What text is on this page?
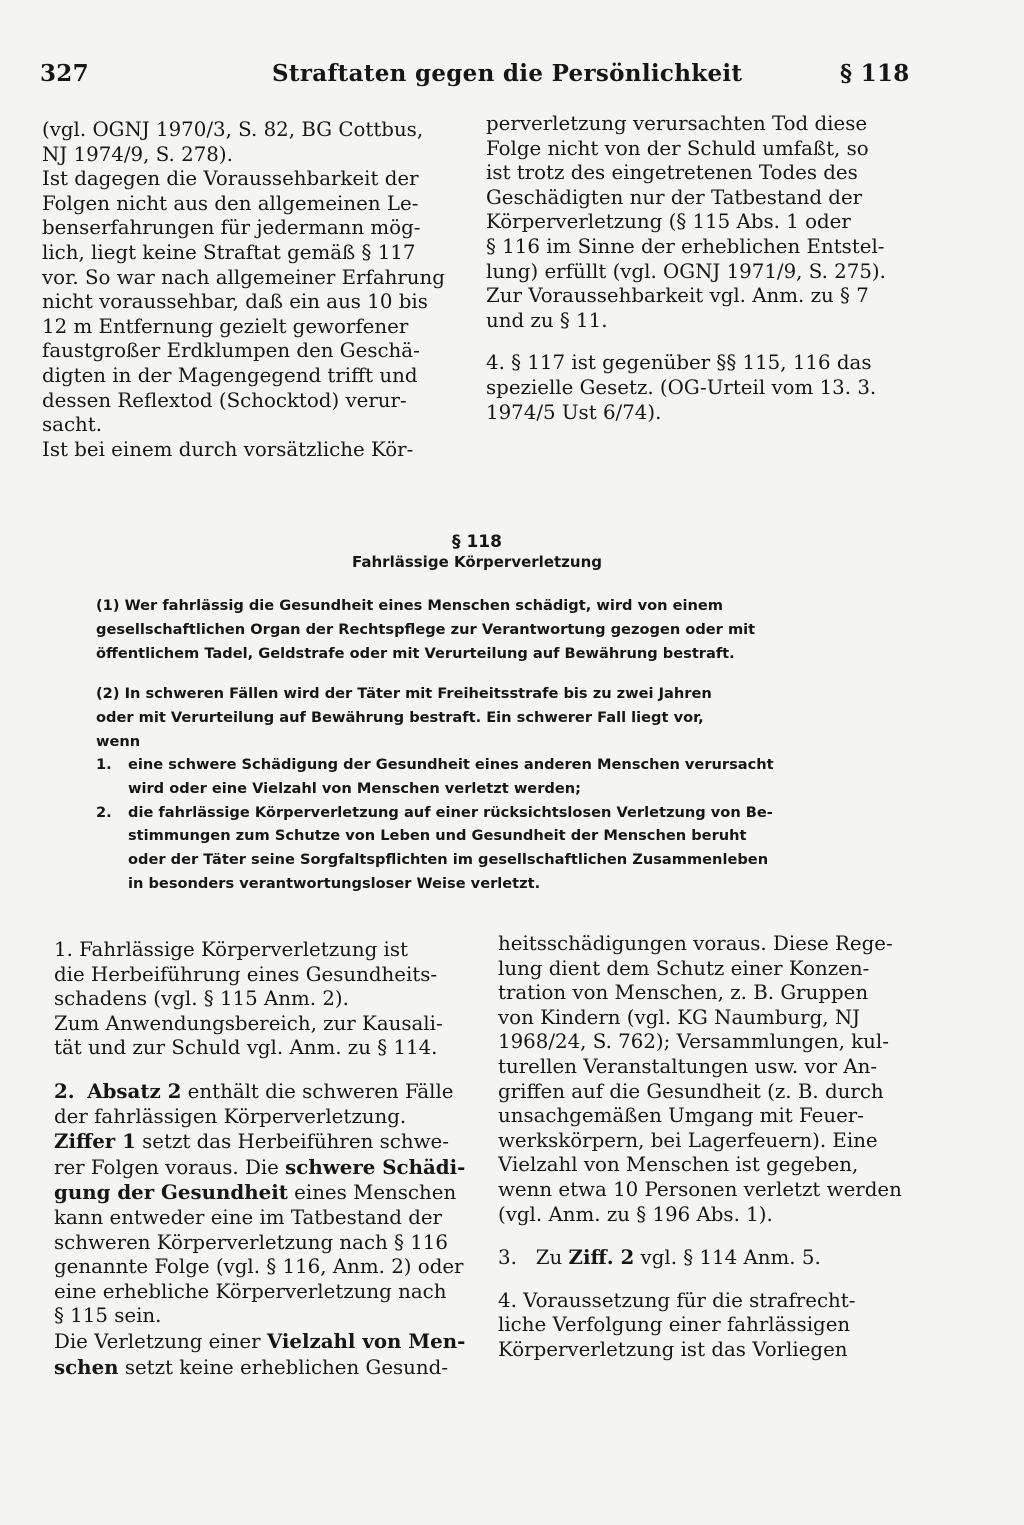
327	Straftaten gegen die Persönlichkeit	§ 118
(vgl. OGNJ 1970/3, S. 82, BG Cottbus,
NJ 1974/9, S. 278).
Ist dagegen die Voraussehbarkeit der
Folgen nicht aus den allgemeinen Le-
benserfahrungen für jedermann mög-
lich, liegt keine Straftat gemäß § 117
vor. So war nach allgemeiner Erfahrung
nicht voraussehbar, daß ein aus 10 bis
12 m Entfernung gezielt geworfener
faustgroßer Erdklumpen den Geschä-
digten in der Magengegend trifft und
dessen Reflextod (Schocktod) verur-
sacht.
Ist bei einem durch vorsätzliche Kör-
perverletzung verursachten Tod diese
Folge nicht von der Schuld umfaßt, so
ist trotz des eingetretenen Todes des
Geschädigten nur der Tatbestand der
Körperverletzung (§ 115 Abs. 1 oder
§ 116 im Sinne der erheblichen Entstel-
lung) erfüllt (vgl. OGNJ 1971/9, S. 275).
Zur Voraussehbarkeit vgl. Anm. zu § 7
und zu § 11.
4. § 117 ist gegenüber §§ 115, 116 das
spezielle Gesetz. (OG-Urteil vom 13. 3.
1974/5 Ust 6/74).
§ 118
Fahrlässige Körperverletzung

(1) Wer fahrlässig die Gesundheit eines Menschen schädigt, wird von einem

gesellschaftlichen Organ der Rechtspflege zur Verantwortung gezogen oder mit

öffentlichem Tadel, Geldstrafe oder mit Verurteilung auf Bewährung bestraft.

(2) In schweren Fällen wird der Täter mit Freiheitsstrafe bis zu zwei Jahren

oder mit Verurteilung auf Bewährung bestraft. Ein schwerer Fall liegt vor,

wenn

1. eine schwere Schädigung der Gesundheit eines anderen Menschen verursacht

wird oder eine Vielzahl von Menschen verletzt werden;

2. die fahrlässige Körperverletzung auf einer rücksichtslosen Verletzung von Be-

stimmungen zum Schutze von Leben und Gesundheit der Menschen beruht

oder der Täter seine Sorgfaltspflichten im gesellschaftlichen Zusammenleben

in besonders verantwortungsloser Weise verletzt.

1. Fahrlässige Körperverletzung ist
die Herbeiführung eines Gesundheits-
schadens (vgl. § 115 Anm. 2).
Zum Anwendungsbereich, zur Kausali-
tät und zur Schuld vgl. Anm. zu § 114.
2. Absatz 2 enthält die schweren Fälle
der fahrlässigen Körperverletzung.
Ziffer 1 setzt das Herbeiführen schwe-
rer Folgen voraus. Die schwere Schädi-
gung der Gesundheit eines Menschen
kann entweder eine im Tatbestand der
schweren Körperverletzung nach § 116
genannte Folge (vgl. § 116, Anm. 2) oder
eine erhebliche Körperverletzung nach
§ 115 sein.
Die Verletzung einer Vielzahl von Men-
schen setzt keine erheblichen Gesund-
heitsschädigungen voraus. Diese Rege-
lung dient dem Schutz einer Konzen-
tration von Menschen, z. B. Gruppen
von Kindern (vgl. KG Naumburg, NJ
1968/24, S. 762); Versammlungen, kul-
turellen Veranstaltungen usw. vor An-
griffen auf die Gesundheit (z. B. durch
unsachgemäßen Umgang mit Feuer-
werkskörpern, bei Lagerfeuern). Eine
Vielzahl von Menschen ist gegeben,
wenn etwa 10 Personen verletzt werden
(vgl. Anm. zu § 196 Abs. 1).
3. Zu Ziff. 2 vgl. § 114 Anm. 5.
4. Voraussetzung für die strafrecht-
liche Verfolgung einer fahrlässigen
Körperverletzung ist das Vorliegen
